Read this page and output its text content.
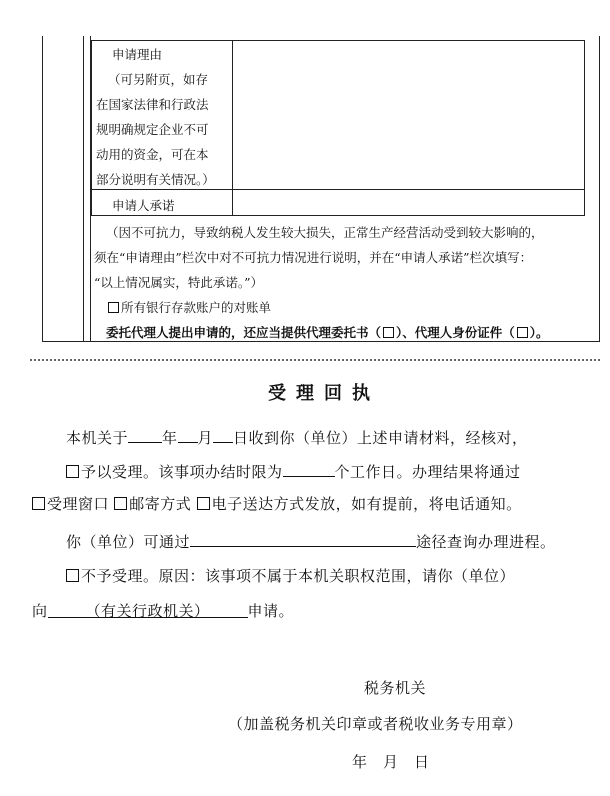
申请理由
（可另附页，如存
在国家法律和行政法
规明确规定企业不可
动用的资金，可在本
部分说明有关情况。）
申请人承诺
（因不可抗力，导致纳税人发生较大损失，正常生产经营活动受到较大影响的，
须在“申请理由”栏次中对不可抗力情况进行说明，并在“申请人承诺”栏次填写：
“以上情况属实，特此承诺。”）
所有银行存款账户的对账单
委托代理人提出申请的，还应当提供代理委托书（ ）、代理人身份证件（ ）。
受理回执
本机关于 年 月 日收到你（单位）上述申请材料，经核对，
予以受理。该事项办结时限为	个工作日。办理结果将通过
受理窗口 邮寄方式 电子送达方式发放，如有提前，将电话通知。
你（单位）可通过	途径查询办理进程。
不予受理。原因：该事项不属于本机关职权范围，请你（单位）
向	（有关行政机关）	申请。
税务机关
（加盖税务机关印章或者税收业务专用章）
年　月　日
